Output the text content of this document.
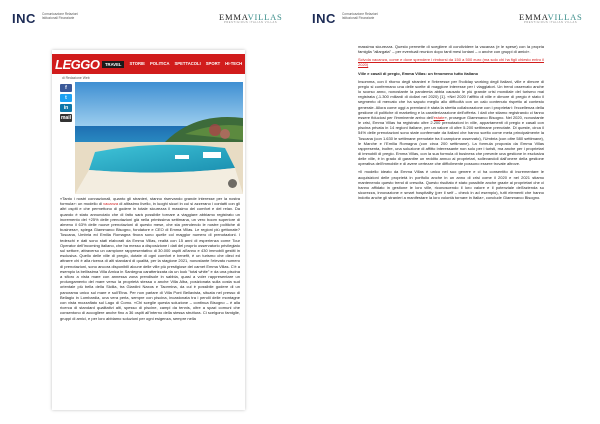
INC Comunicazione Relazioni Istituzionali Finanziarie	EMMAVILLAS
PRESTIGIOUS ITALIAN VILLAS
LEGGO	TRAVEL	STORIE POLITICA SPETTACOLI SPORT HI-TECH
di Redazione Web
f
t
in
mail
«Tanto i nostri connazionali, quanto gli stranieri, stanno riservando grande interesse per la nostra formula»: un modello di vacanza di altissimo livello, in luoghi sicuri in cui si azzerano i contatti con gli altri ospiti e che permettono di godere in totale sicurezza il massimo del comfort e del relax. Da quando è stato annunciato che di fatto sarà possibile tornare a viaggiare abbiamo registrato un incremento del +25% delle prenotazioni già nella primissima settimana, un vero boom superiore di almeno il 63% delle nuove prenotazioni di questo mese, che sta prendendo le nostre politiche di business», spiega Giammarco Bisogno, fondatore e CEO di Emma Villas. Le regioni più gettonate? Toscana, Umbria ed Emilia Romagna finora sono quelle col maggior numero di prenotazioni. I tedeschi e dati sono stati elaborati da Emma Villas, realtà con 15 anni di esperienza come Tour Operator dell'incoming italiano, che ha messo a disposizione i dati del proprio osservatorio privilegiato sul settore, attraverso un campione rappresentativo di 30.000 ospiti all'anno e 430 immobili gestiti in esclusiva. Quello delle ville di pregio, dotate di ogni comfort e benefit, è un turismo che dieci ed attrarre chi è alla ricerca di alti standard di qualità, per la stagione 2021, nonostante l'elevato numero di prenotazioni, sono ancora disponibili alcune delle ville più prestigiose del carnet Emma Villas. C'è a esempio la bellissima Villa Amica in Sardegna caratterizzata da un look "total white" e da una piscina a sfioro a vista mare con annessa zona prendisole in sabbia, quasi a voler rappresentare un prolungamento del mare verso la proprietà stessa o anche Villa Alba, posizionata sulla costa sud orientale più bella della Sicilia, tra Giardini Naxos e Taormina, da cui è possibile godere di un panorama unico sul mare e sull'Etna. Per non parlare di Villa Pont Bellavista, situata nel presso di Bellagio in Lombardia, una vera perla, sempre con piscina, incastonata tra i pendii delle montagne con vista mozzafiato sul Lago di Como. «Chi sceglie questa soluzione – continua Bisogno – è alla ricerca di standard qualitativi alti, spesso di piscine, campi da tennis, oltre a spazi comuni che consentono di accogliere anche fino a 36 ospiti all'interno della stessa struttura. Ci scelgono famiglie, gruppi di amici, e per loro abbiamo soluzioni per ogni esigenza, sempre nella
INC Comunicazione Relazioni Istituzionali Finanziarie	EMMAVILLAS
PRESTIGIOUS ITALIAN VILLAS

massima sicurezza. Questo permette di scegliere di condividere la vacanza (e le spese) con la propria famiglia "allargata" – per eventuali reunion dopo tanti mesi lontani – o anche con gruppi di amici».

Scivola vacanza, come e dove spendere i rimborsi da 150 a 500 euro (ma solo chi ha figli chiesto entro il 2020)

Ville e casali di pregio, Emma Villas: un fenomeno tutto italiano

Insomma, con il ritorno degli stranieri e l'interesse per l'holiday working degli Italiani, ville e dimore di pregio si confermano una delle scelte di maggiore interesse per i viaggiatori. Un trend osservato anche lo scorso anno, nonostante la pandemia abbia causato le più grande crisi mondiale del turismo mai registrata (-1.300 miliardi di dollari nel 2020) [1]. «Nel 2020 l'affitto di ville e dimore di pregio è stato il segmento di mercato che ha saputo meglio allo difficoltà con un calo contenuto rispetto al contesto generale. Allora come oggi a premiarci è stata la stretta collaborazione con i proprietari: l'eccellenza della gestione di politiche di marketing e la caratterizzazione dell'offerta. I dati che stiamo registrando ci fanno essere fiduciosi per l'imminente arrivo dell'estate», prosegue Giammarco Bisogno. Nel 2020, nonostante le crisi, Emma Villas ha registrato oltre 2.200 prenotazioni in ville, appartamenti di pregio e casali con piscina privata in 14 regioni italiane, per un valore di oltre 5.200 settimane prenotate. Di queste, circa il 54% delle prenotazioni sono state confermate da italiani che hanno scelto come meta principalmente la Toscana (con 1.630 le settimane prenotate tra il campione osservato), l'Umbria (con oltre 580 settimane), le Marche e l'Emilia Romagna (con circa 200 settimane). La formula proposta da Emma Villas rappresenta, inoltre, una soluzione di affitto interessante non solo per i turisti, ma anche per i proprietari di immobili di pregio. Emma Villas, con la sua formula di business che prevede una gestione in esclusiva delle ville, è in grado di garantire un reddito annuo ai proprietari, sollevandoli dall'onere della gestione operativa dell'immobile e di avere certezze che difficilmente possono essere trovate altrove.

«Il modello ideato da Emma Villas è unico nel suo genere e ci ha consentito di incrementare le acquisizioni delle proprietà in portfolio anche in un anno di crisi come il 2020 e nel 2021 stiamo mantenendo questo trend di crescita. Questo risultato è stato possibile anche grazie ai proprietari che ci hanno affidato in gestione le loro ville, riconoscendo il loro valore e il potenziale dell'azienda su sicurezza, innovazione e smart hospitality (per il self – check in ad esempio), tutti elementi che hanno indotto anche gli stranieri a manifestare la loro volontà tornare in Italia», conclude Giammarco Bisogno.
